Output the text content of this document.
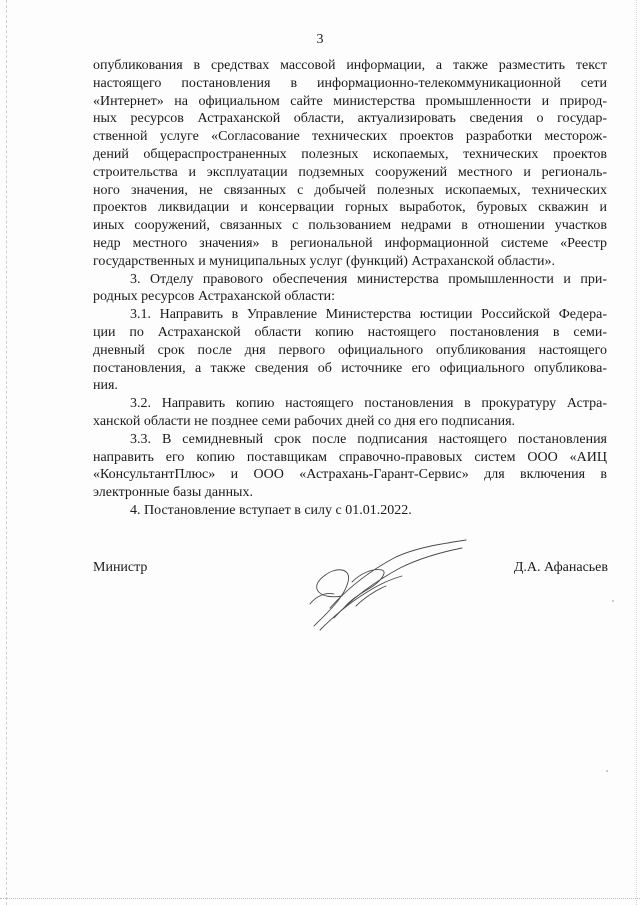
3
опубликования в средствах массовой информации, а также разместить текст
настоящего постановления в информационно-телекоммуникационной сети
«Интернет» на официальном сайте министерства промышленности и природ-
ных ресурсов Астраханской области, актуализировать сведения о государ-
ственной услуге «Согласование технических проектов разработки месторож-
дений общераспространенных полезных ископаемых, технических проектов
строительства и эксплуатации подземных сооружений местного и региональ-
ного значения, не связанных с добычей полезных ископаемых, технических
проектов ликвидации и консервации горных выработок, буровых скважин и
иных сооружений, связанных с пользованием недрами в отношении участков
недр местного значения» в региональной информационной системе «Реестр
государственных и муниципальных услуг (функций) Астраханской области».
3. Отделу правового обеспечения министерства промышленности и при-
родных ресурсов Астраханской области:
3.1. Направить в Управление Министерства юстиции Российской Федера-
ции по Астраханской области копию настоящего постановления в семи-
дневный срок после дня первого официального опубликования настоящего
постановления, а также сведения об источнике его официального опубликова-
ния.
3.2. Направить копию настоящего постановления в прокуратуру Астра-
ханской области не позднее семи рабочих дней со дня его подписания.
3.3. В семидневный срок после подписания настоящего постановления
направить его копию поставщикам справочно-правовых систем ООО «АИЦ
«КонсультантПлюс» и ООО «Астрахань-Гарант-Сервис» для включения в
электронные базы данных.
4. Постановление вступает в силу с 01.01.2022.
Министр	Д.А. Афанасьев
